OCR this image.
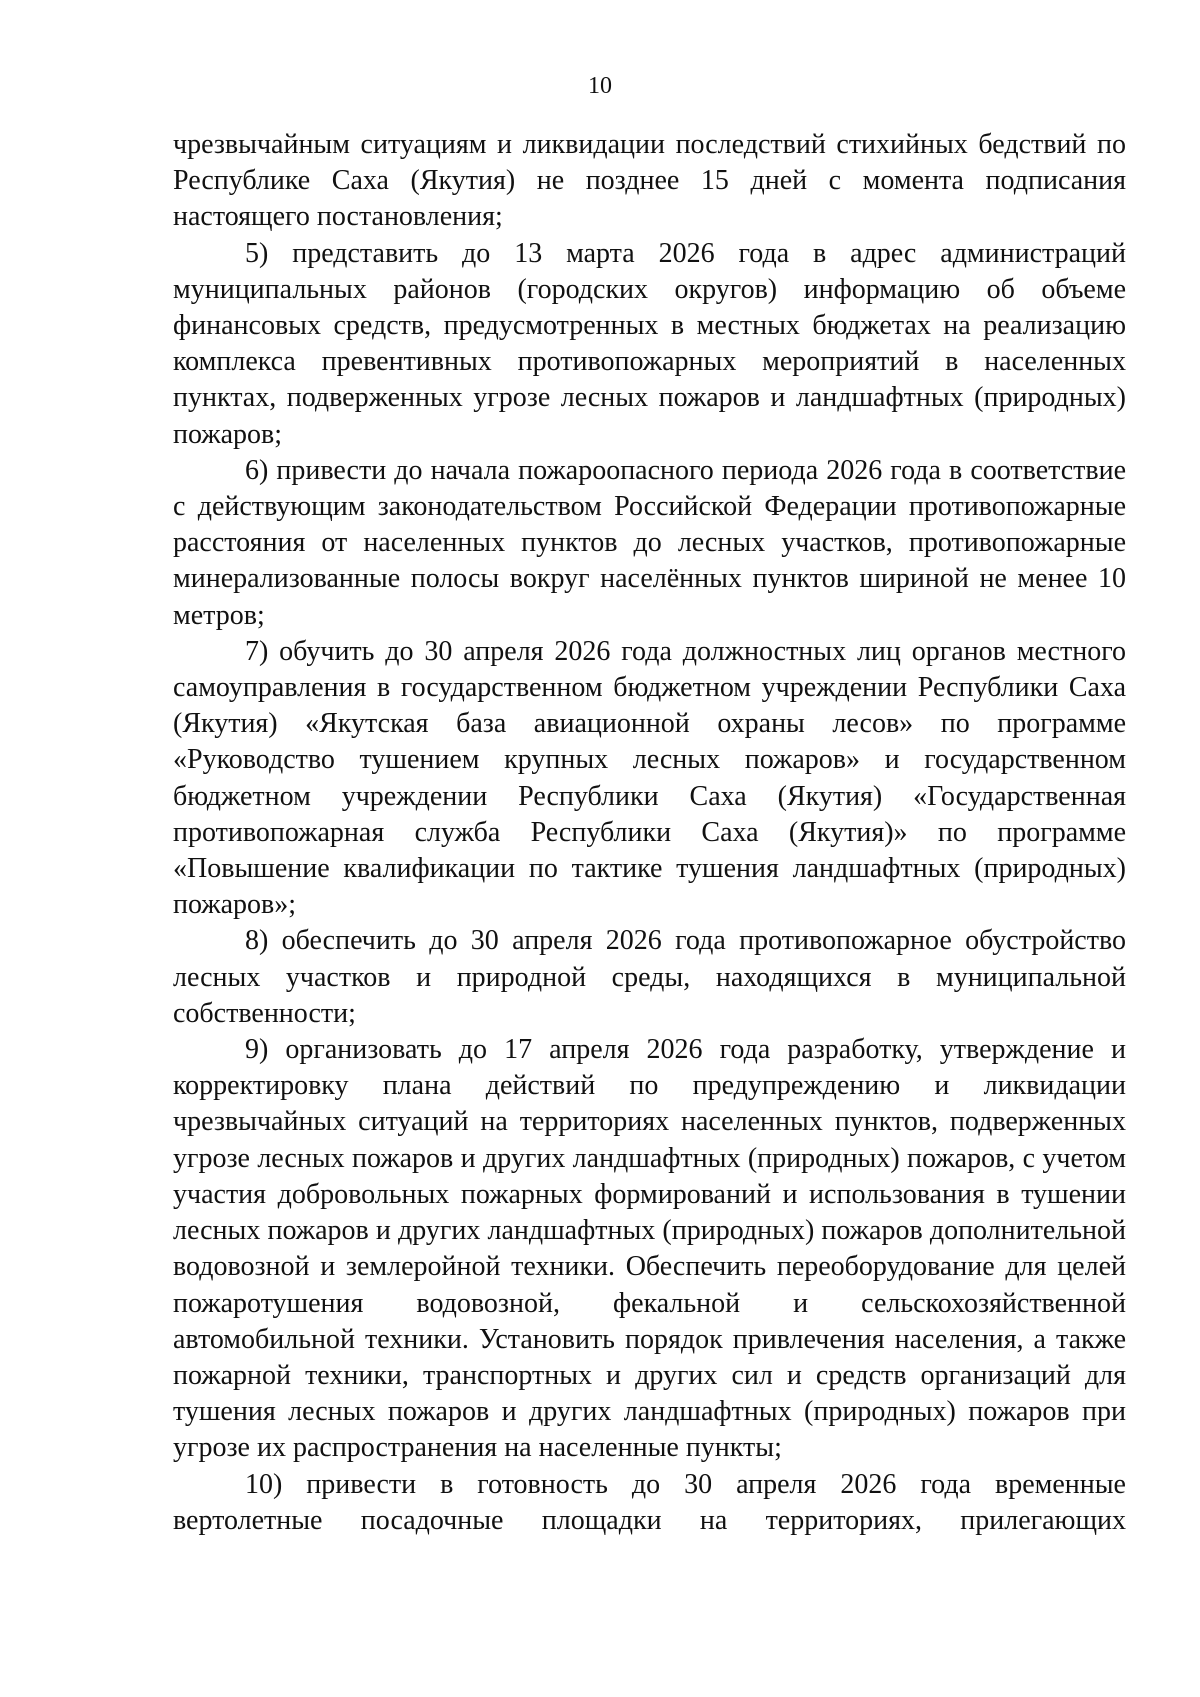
10

чрезвычайным ситуациям и ликвидации последствий стихийных бедствий по Республике Саха (Якутия) не позднее 15 дней с момента подписания настоящего постановления;

5) представить до 13 марта 2026 года в адрес администраций муниципальных районов (городских округов) информацию об объеме финансовых средств, предусмотренных в местных бюджетах на реализацию комплекса превентивных противопожарных мероприятий в населенных пунктах, подверженных угрозе лесных пожаров и ландшафтных (природных) пожаров;

6) привести до начала пожароопасного периода 2026 года в соответствие с действующим законодательством Российской Федерации противопожарные расстояния от населенных пунктов до лесных участков, противопожарные минерализованные полосы вокруг населённых пунктов шириной не менее 10 метров;

7) обучить до 30 апреля 2026 года должностных лиц органов местного самоуправления в государственном бюджетном учреждении Республики Саха (Якутия) «Якутская база авиационной охраны лесов» по программе «Руководство тушением крупных лесных пожаров» и государственном бюджетном учреждении Республики Саха (Якутия) «Государственная противопожарная служба Республики Саха (Якутия)» по программе «Повышение квалификации по тактике тушения ландшафтных (природных) пожаров»;

8) обеспечить до 30 апреля 2026 года противопожарное обустройство лесных участков и природной среды, находящихся в муниципальной собственности;

9) организовать до 17 апреля 2026 года разработку, утверждение и корректировку плана действий по предупреждению и ликвидации чрезвычайных ситуаций на территориях населенных пунктов, подверженных угрозе лесных пожаров и других ландшафтных (природных) пожаров, с учетом участия добровольных пожарных формирований и использования в тушении лесных пожаров и других ландшафтных (природных) пожаров дополнительной водовозной и землеройной техники. Обеспечить переоборудование для целей пожаротушения водовозной, фекальной и сельскохозяйственной автомобильной техники. Установить порядок привлечения населения, а также пожарной техники, транспортных и других сил и средств организаций для тушения лесных пожаров и других ландшафтных (природных) пожаров при угрозе их распространения на населенные пункты;

10) привести в готовность до 30 апреля 2026 года временные вертолетные посадочные площадки на территориях, прилегающих
